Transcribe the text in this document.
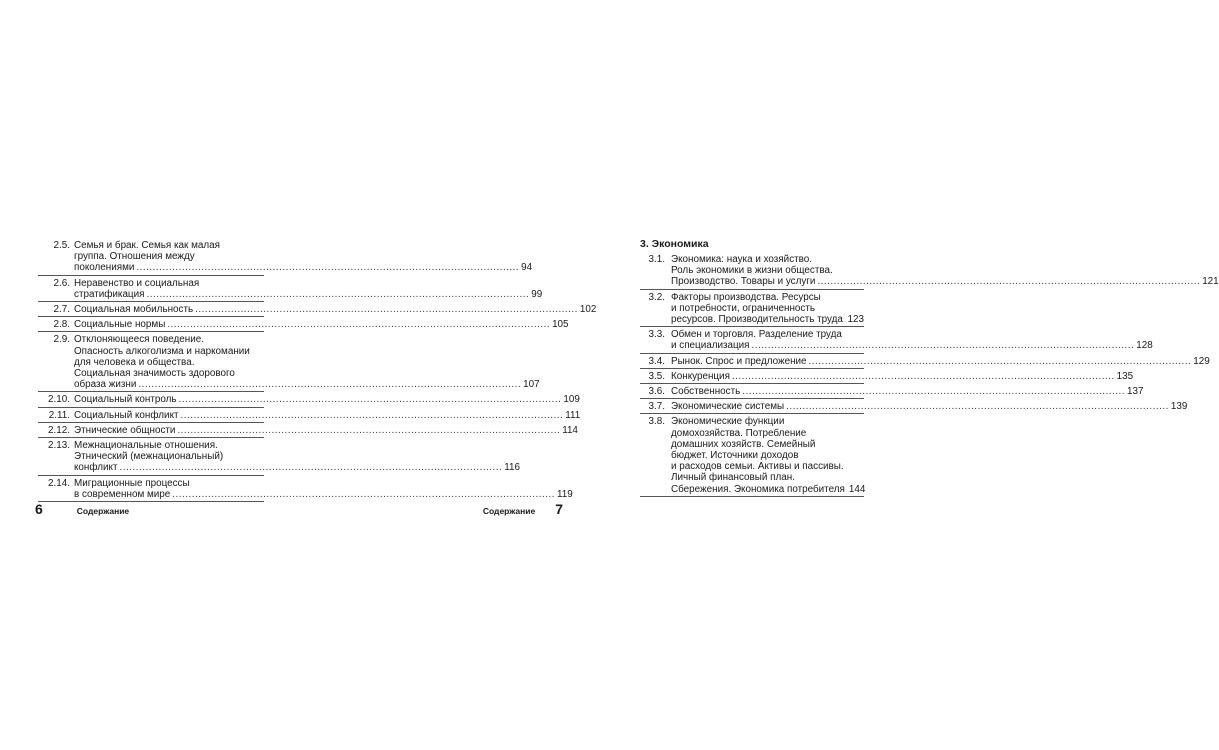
2.5. Семья и брак. Семья как малая
группа. Отношения между
поколениями .....	94
2.6. Неравенство и социальная
стратификация .....	99
2.7. Социальная мобильность .....	102
2.8. Социальные нормы .....	105
2.9. Отклоняющееся поведение.
Опасность алкоголизма и наркомании
для человека и общества.
Социальная значимость здорового
образа жизни .....	107
2.10. Социальный контроль .....	109
2.11. Социальный конфликт .....	111
2.12. Этнические общности .....	114
2.13. Межнациональные отношения.
Этнический (межнациональный)
конфликт .....	116
2.14. Миграционные процессы
в современном мире .....	119
6	Содержание
3. Экономика
3.1. Экономика: наука и хозяйство.
Роль экономики в жизни общества.
Производство. Товары и услуги .....	121
3.2. Факторы производства. Ресурсы
и потребности, ограниченность
ресурсов. Производительность труда ..... 123
3.3. Обмен и торговля. Разделение труда
и специализация .....	128
3.4. Рынок. Спрос и предложение .....	129
3.5. Конкуренция .....	135
3.6. Собственность .....	137
3.7. Экономические системы .....	139
3.8. Экономические функции
домохозяйства. Потребление
домашних хозяйств. Семейный
бюджет. Источники доходов
и расходов семьи. Активы и пассивы.
Личный финансовый план.
Сбережения. Экономика потребителя 144
Содержание 7
